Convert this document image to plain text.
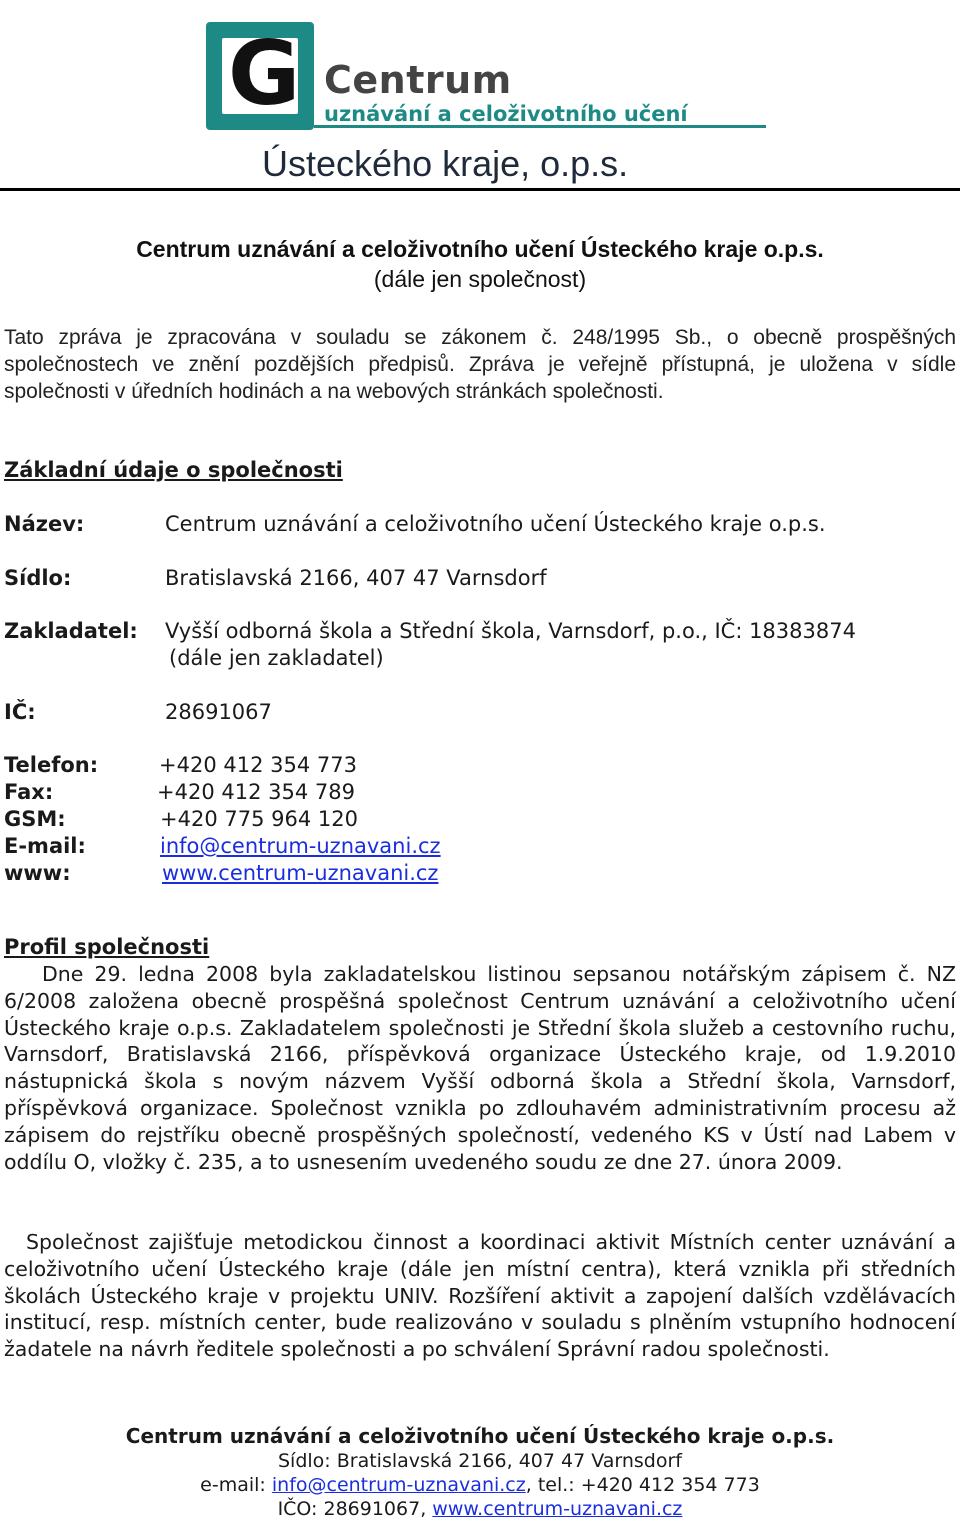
G Centrum
uznávání a celoživotního učení
Ústeckého kraje, o.p.s.
Centrum uznávání a celoživotního učení Ústeckého kraje o.p.s.
(dále jen společnost)
Tato zpráva je zpracována v souladu se zákonem č. 248/1995 Sb., o obecně prospěšných společnostech ve znění pozdějších předpisů. Zpráva je veřejně přístupná, je uložena v sídle společnosti v úředních hodinách a na webových stránkách společnosti.
Základní údaje o společnosti
Název:	Centrum uznávání a celoživotního učení Ústeckého kraje o.p.s.
Sídlo:	Bratislavská 2166, 407 47 Varnsdorf
Zakladatel: Vyšší odborná škola a Střední škola, Varnsdorf, p.o., IČ: 18383874
(dále jen zakladatel)
IČ:	28691067
Telefon:	+420 412 354 773
Fax:	+420 412 354 789
GSM:	+420 775 964 120
E-mail:	info@centrum-uznavani.cz
www:	www.centrum-uznavani.cz
Profil společnosti
Dne 29. ledna 2008 byla zakladatelskou listinou sepsanou notářským zápisem č. NZ 6/2008 založena obecně prospěšná společnost Centrum uznávání a celoživotního učení Ústeckého kraje o.p.s. Zakladatelem společnosti je Střední škola služeb a cestovního ruchu, Varnsdorf, Bratislavská 2166, příspěvková organizace Ústeckého kraje, od 1.9.2010 nástupnická škola s novým názvem Vyšší odborná škola a Střední škola, Varnsdorf, příspěvková organizace. Společnost vznikla po zdlouhavém administrativním procesu až zápisem do rejstříku obecně prospěšných společností, vedeného KS v Ústí nad Labem v oddílu O, vložky č. 235, a to usnesením uvedeného soudu ze dne 27. února 2009.
Společnost zajišťuje metodickou činnost a koordinaci aktivit Místních center uznávání a celoživotního učení Ústeckého kraje (dále jen místní centra), která vznikla při středních školách Ústeckého kraje v projektu UNIV. Rozšíření aktivit a zapojení dalších vzdělávacích institucí, resp. místních center, bude realizováno v souladu s plněním vstupního hodnocení žadatele na návrh ředitele společnosti a po schválení Správní radou společnosti.
Centrum uznávání a celoživotního učení Ústeckého kraje o.p.s.
Sídlo: Bratislavská 2166, 407 47 Varnsdorf
e-mail: info@centrum-uznavani.cz, tel.: +420 412 354 773
IČO: 28691067, www.centrum-uznavani.cz
